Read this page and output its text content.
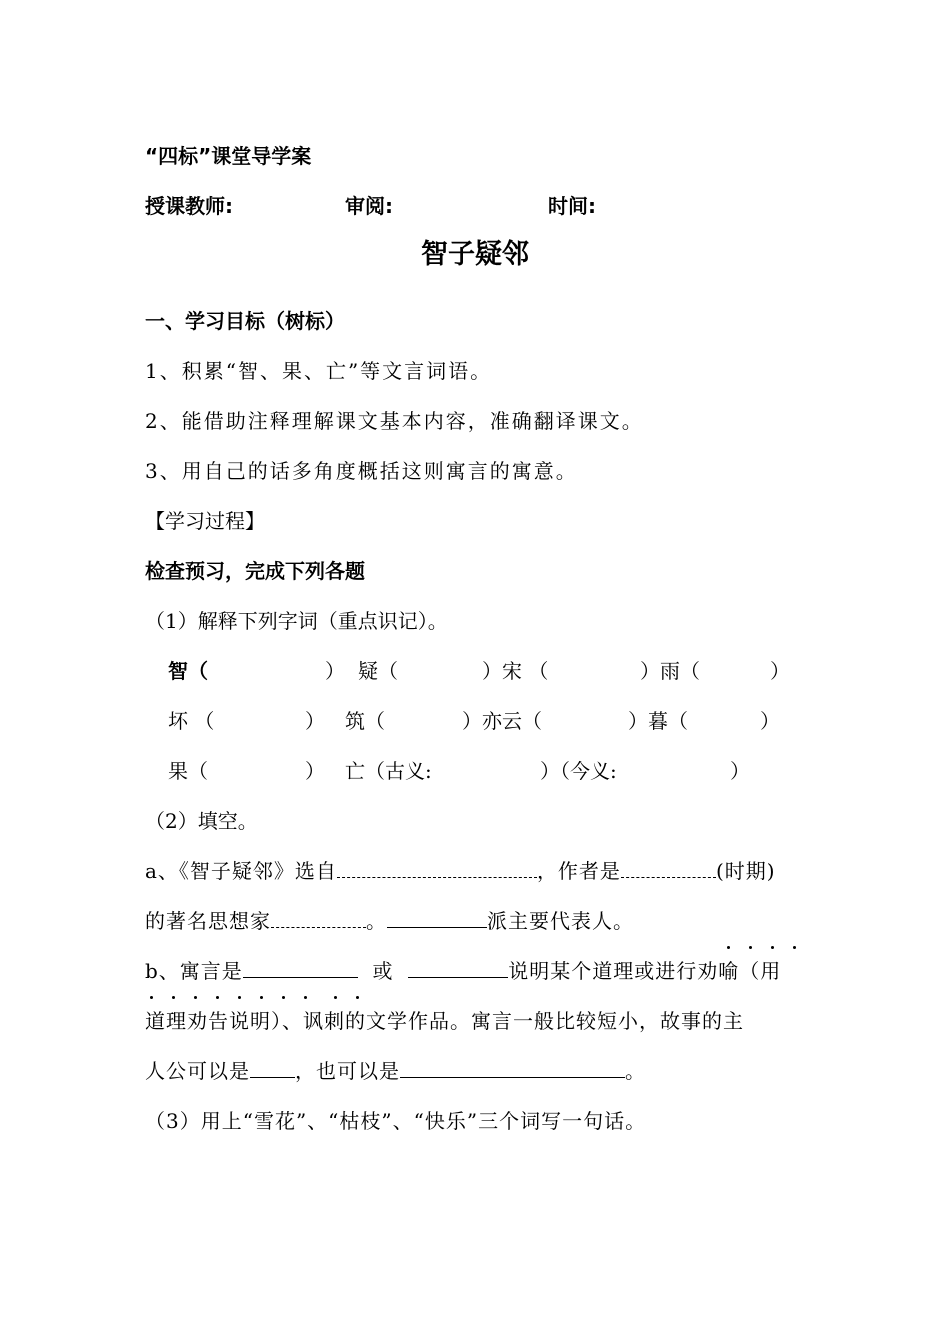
“四标”课堂导学案
授课教师:	审阅:	时间:
智子疑邻
一、学习目标（树标）
1、积累“智、果、亡”等文言词语。
2、能借助注释理解课文基本内容，准确翻译课文。
3、用自己的话多角度概括这则寓言的寓意。
【学习过程】
检查预习，完成下列各题
（1）解释下列字词（重点识记）。
智（	） 疑（	）宋 （	）雨（	）
坏 （	） 筑（	）亦云（	）暮（	）
果（	） 亡（古义:	）（今义:	）
（2）填空。
a、《智子疑邻》选自	，作者是	(时期)
的著名思想家	。	派主要代表人。
b、寓言是	或	说明某个道理或进行劝喻（用
道理劝告说明）、讽刺的文学作品。寓言一般比较短小，故事的主
人公可以是 ，也可以是	。
（3）用上“雪花”、“枯枝”、“快乐”三个词写一句话。
